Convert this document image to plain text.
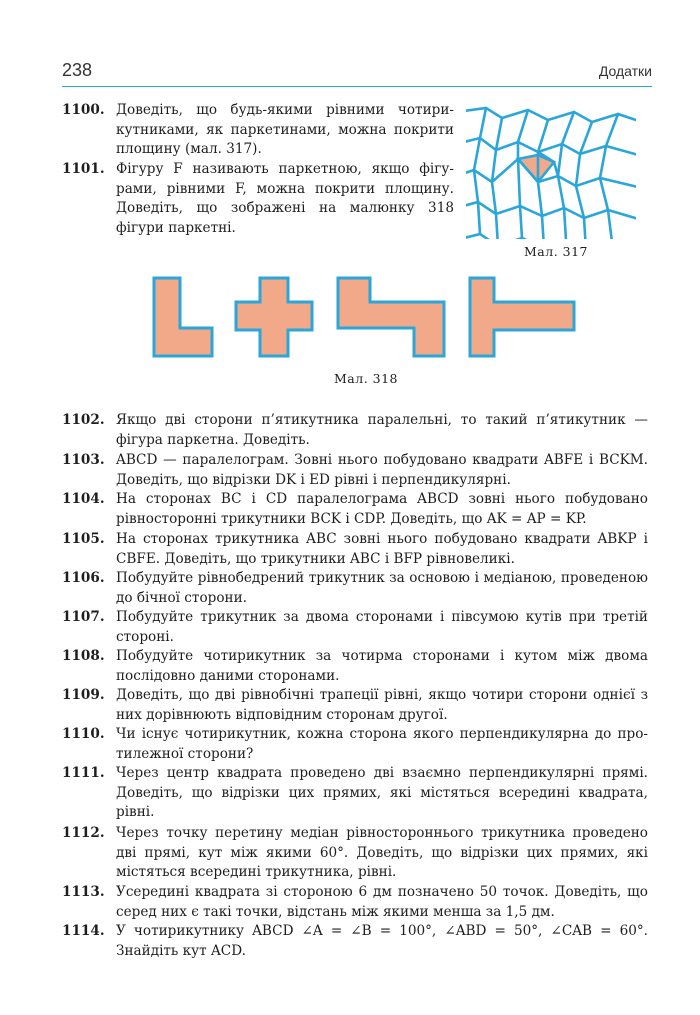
238	Додатки
1100. Доведіть, що будь-якими рівними чотирикутниками, як паркетинами, можна покрити площину (мал. 317).
1101. Фігуру F називають паркетною, якщо фігурами, рівними F, можна покрити площину. Доведіть, що зображені на малюнку 318 фігури паркетні.
Мал. 317
Мал. 318
1102. Якщо дві сторони п’ятикутника паралельні, то такий п’ятикутник — фігура паркетна. Доведіть.
1103. ABCD — паралелограм. Зовні нього побудовано квадрати ABFE і BCKM. Доведіть, що відрізки DK і ED рівні і перпендикулярні.
1104. На сторонах BC і CD паралелограма ABCD зовні нього побудовано рівносторонні трикутники BCK і CDP. Доведіть, що AK = AP = KP.
1105. На сторонах трикутника ABC зовні нього побудовано квадрати ABKP і CBFE. Доведіть, що трикутники ABC і BFP рівновеликі.
1106. Побудуйте рівнобедрений трикутник за основою і медіаною, проведеною до бічної сторони.
1107. Побудуйте трикутник за двома сторонами і півсумою кутів при третій стороні.
1108. Побудуйте чотирикутник за чотирма сторонами і кутом між двома послідовно даними сторонами.
1109. Доведіть, що дві рівнобічні трапеції рівні, якщо чотири сторони однієї з них дорівнюють відповідним сторонам другої.
1110. Чи існує чотирикутник, кожна сторона якого перпендикулярна до протилежної сторони?
1111. Через центр квадрата проведено дві взаємно перпендикулярні прямі. Доведіть, що відрізки цих прямих, які містяться всередині квадрата, рівні.
1112. Через точку перетину медіан рівностороннього трикутника проведено дві прямі, кут між якими 60°. Доведіть, що відрізки цих прямих, які містяться всередині трикутника, рівні.
1113. Усередині квадрата зі стороною 6 дм позначено 50 точок. Доведіть, що серед них є такі точки, відстань між якими менша за 1,5 дм.
1114. У чотирикутнику ABCD ∠A = ∠B = 100°, ∠ABD = 50°, ∠CAB = 60°. Знайдіть кут ACD.
